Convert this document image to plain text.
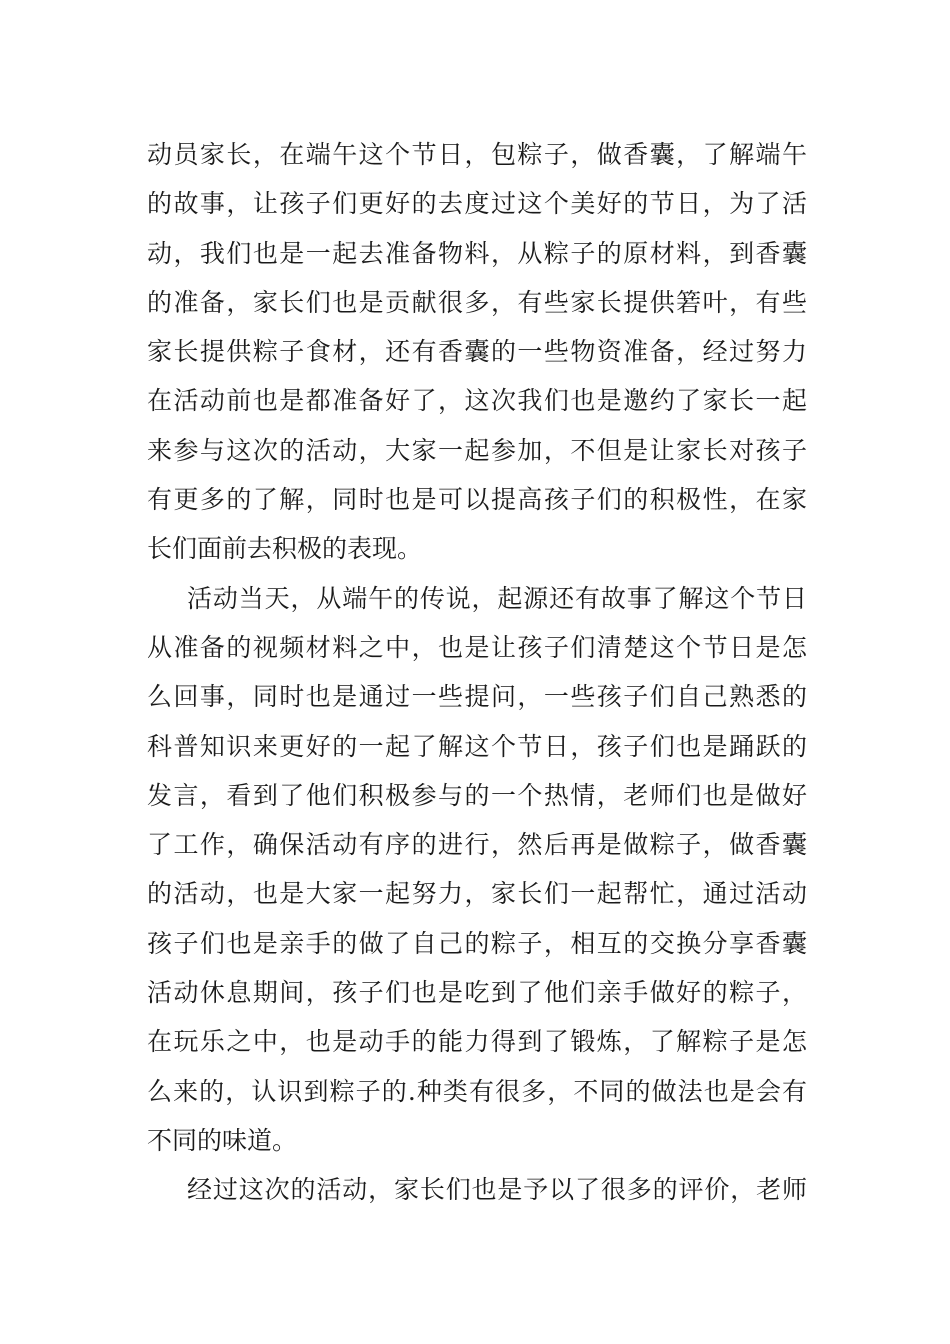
动员家长，在端午这个节日，包粽子，做香囊，了解端午
的故事，让孩子们更好的去度过这个美好的节日，为了活
动，我们也是一起去准备物料，从粽子的原材料，到香囊
的准备，家长们也是贡献很多，有些家长提供箬叶，有些
家长提供粽子食材，还有香囊的一些物资准备，经过努力
在活动前也是都准备好了，这次我们也是邀约了家长一起
来参与这次的活动，大家一起参加，不但是让家长对孩子
有更多的了解，同时也是可以提高孩子们的积极性，在家
长们面前去积极的表现。
活动当天，从端午的传说，起源还有故事了解这个节日
从准备的视频材料之中，也是让孩子们清楚这个节日是怎
么回事，同时也是通过一些提问，一些孩子们自己熟悉的
科普知识来更好的一起了解这个节日，孩子们也是踊跃的
发言，看到了他们积极参与的一个热情，老师们也是做好
了工作，确保活动有序的进行，然后再是做粽子，做香囊
的活动，也是大家一起努力，家长们一起帮忙，通过活动
孩子们也是亲手的做了自己的粽子，相互的交换分享香囊
活动休息期间，孩子们也是吃到了他们亲手做好的粽子，
在玩乐之中，也是动手的能力得到了锻炼，了解粽子是怎
么来的，认识到粽子的.种类有很多，不同的做法也是会有
不同的味道。
经过这次的活动，家长们也是予以了很多的评价，老师
